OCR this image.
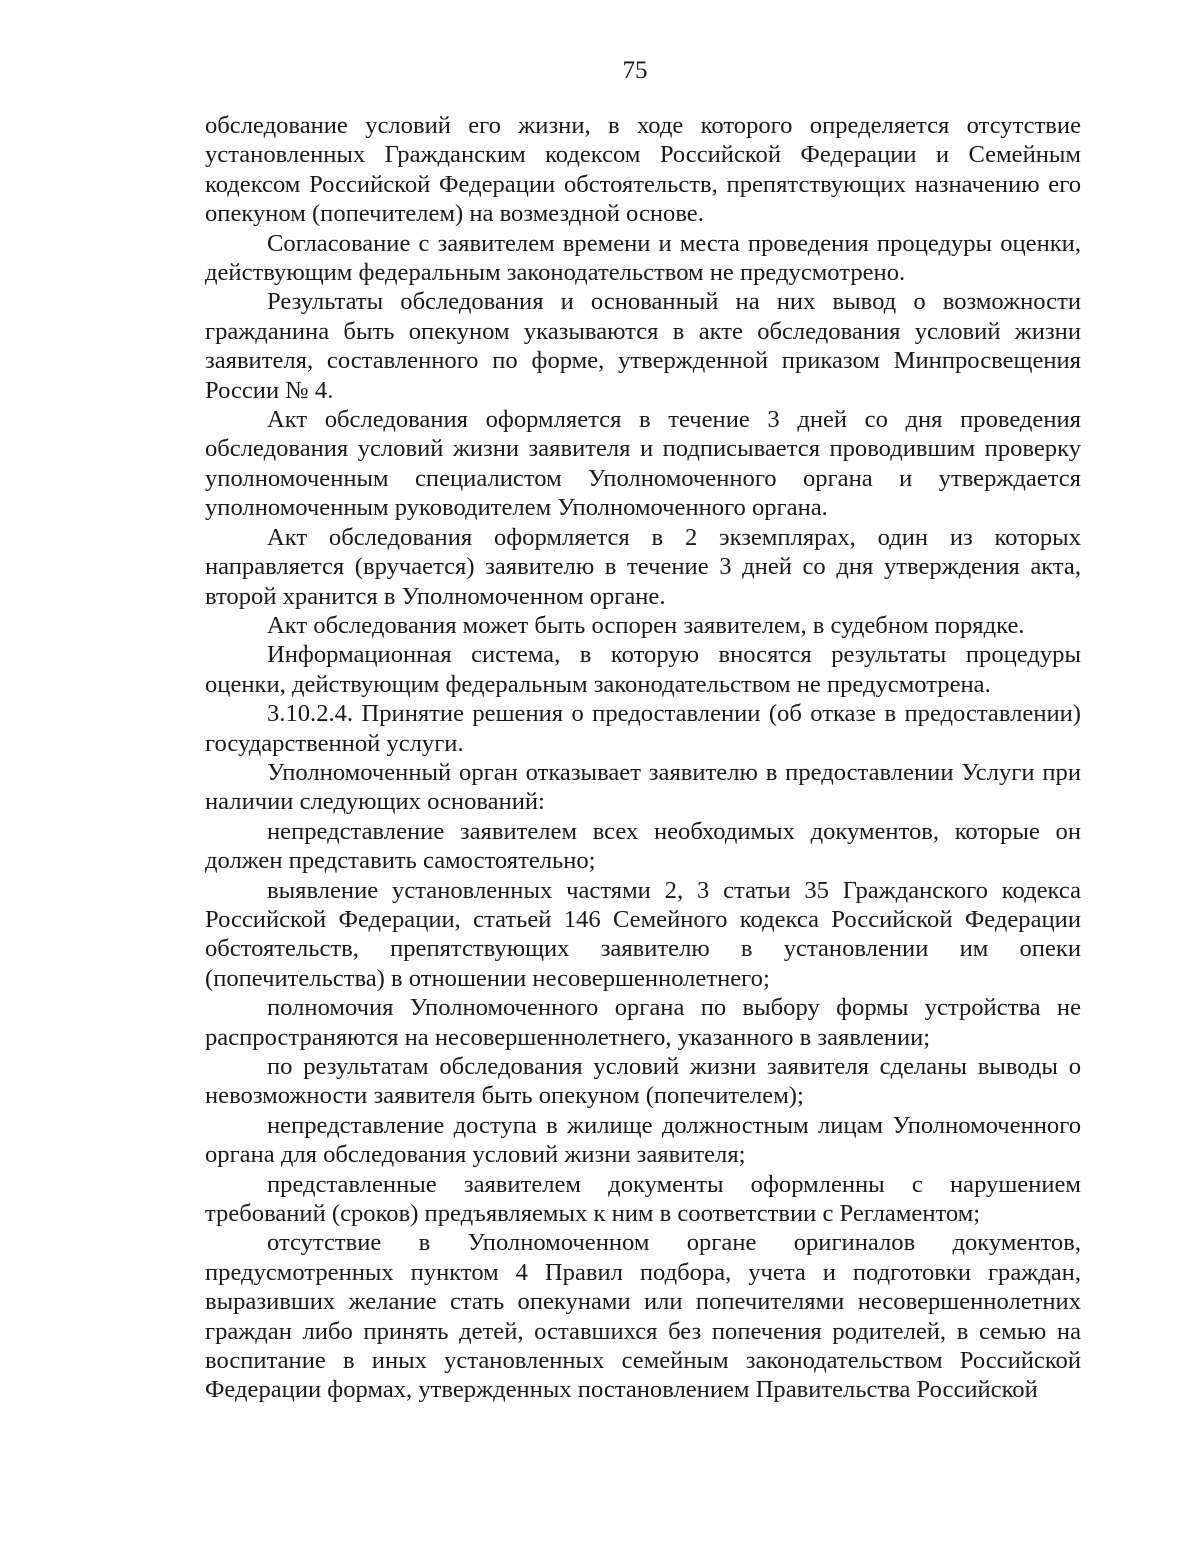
75

обследование условий его жизни, в ходе которого определяется отсутствие установленных Гражданским кодексом Российской Федерации и Семейным кодексом Российской Федерации обстоятельств, препятствующих назначению его опекуном (попечителем) на возмездной основе.

Согласование с заявителем времени и места проведения процедуры оценки, действующим федеральным законодательством не предусмотрено.

Результаты обследования и основанный на них вывод о возможности гражданина быть опекуном указываются в акте обследования условий жизни заявителя, составленного по форме, утвержденной приказом Минпросвещения России № 4.

Акт обследования оформляется в течение 3 дней со дня проведения обследования условий жизни заявителя и подписывается проводившим проверку уполномоченным специалистом Уполномоченного органа и утверждается уполномоченным руководителем Уполномоченного органа.

Акт обследования оформляется в 2 экземплярах, один из которых направляется (вручается) заявителю в течение 3 дней со дня утверждения акта, второй хранится в Уполномоченном органе.

Акт обследования может быть оспорен заявителем, в судебном порядке.

Информационная система, в которую вносятся результаты процедуры оценки, действующим федеральным законодательством не предусмотрена.

3.10.2.4. Принятие решения о предоставлении (об отказе в предоставлении) государственной услуги.

Уполномоченный орган отказывает заявителю в предоставлении Услуги при наличии следующих оснований:

непредставление заявителем всех необходимых документов, которые он должен представить самостоятельно;

выявление установленных частями 2, 3 статьи 35 Гражданского кодекса Российской Федерации, статьей 146 Семейного кодекса Российской Федерации обстоятельств, препятствующих заявителю в установлении им опеки (попечительства) в отношении несовершеннолетнего;

полномочия Уполномоченного органа по выбору формы устройства не распространяются на несовершеннолетнего, указанного в заявлении;

по результатам обследования условий жизни заявителя сделаны выводы о невозможности заявителя быть опекуном (попечителем);

непредставление доступа в жилище должностным лицам Уполномоченного органа для обследования условий жизни заявителя;

представленные заявителем документы оформленны с нарушением требований (сроков) предъявляемых к ним в соответствии с Регламентом;

отсутствие в Уполномоченном органе оригиналов документов, предусмотренных пунктом 4 Правил подбора, учета и подготовки граждан, выразивших желание стать опекунами или попечителями несовершеннолетних граждан либо принять детей, оставшихся без попечения родителей, в семью на воспитание в иных установленных семейным законодательством Российской Федерации формах, утвержденных постановлением Правительства Российской
